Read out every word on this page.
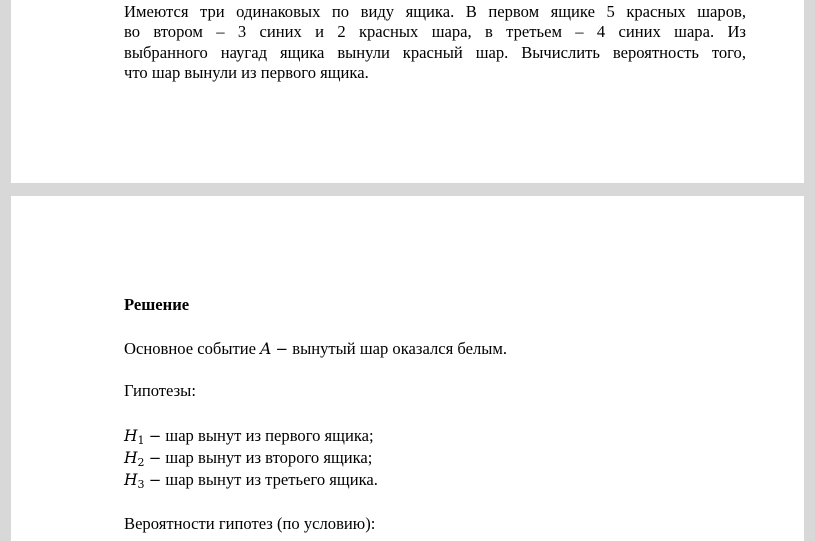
Имеются три одинаковых по виду ящика. В первом ящике 5 красных шаров,
во втором – 3 синих и 2 красных шара, в третьем – 4 синих шара. Из
выбранного наугад ящика вынули красный шар. Вычислить вероятность того,
что шар вынули из первого ящика.

Решение

Основное событие A − вынутый шар оказался белым.

Гипотезы:

H1 − шар вынут из первого ящика;

H2 − шар вынут из второго ящика;

H3 − шар вынут из третьего ящика.

Вероятности гипотез (по условию):
